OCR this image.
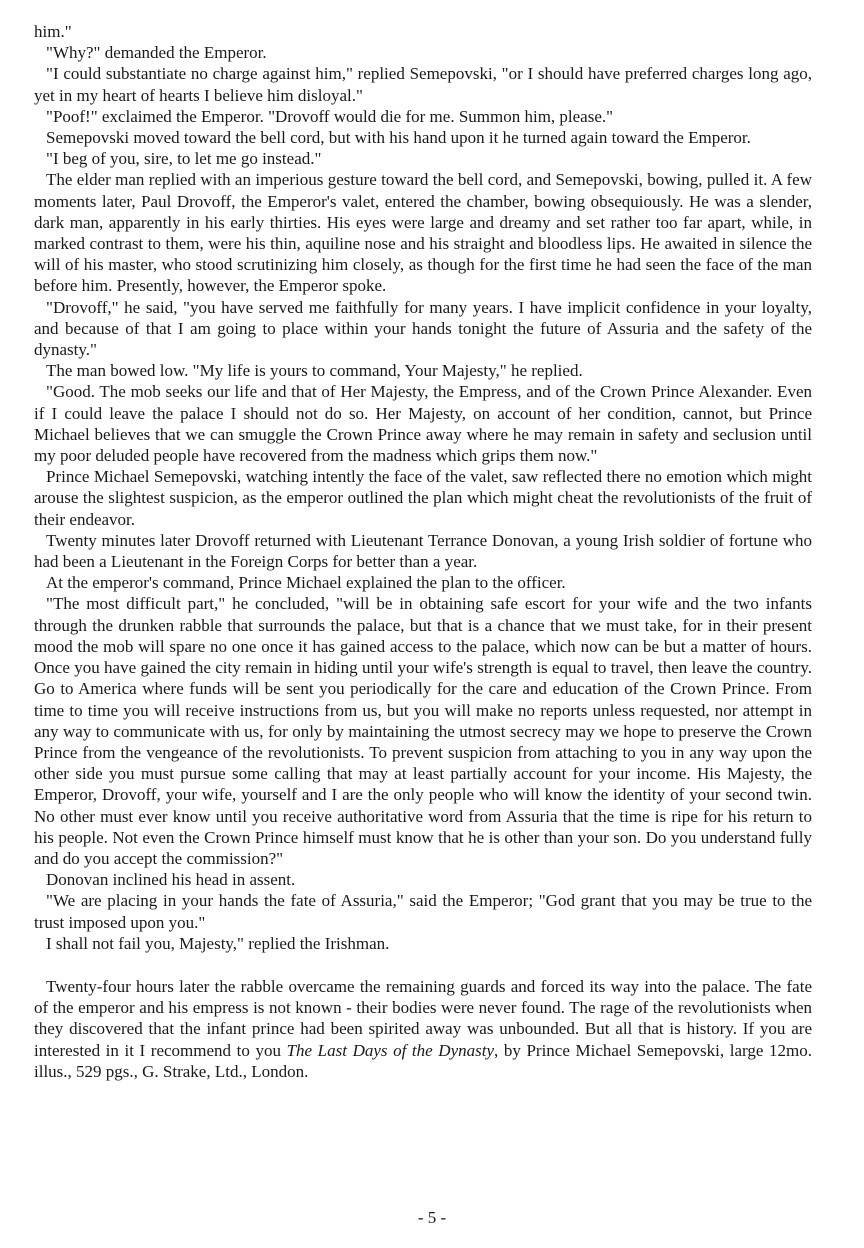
him."

"Why?" demanded the Emperor.

"I could substantiate no charge against him," replied Semepovski, "or I should have preferred charges long ago, yet in my heart of hearts I believe him disloyal."

"Poof!" exclaimed the Emperor. "Drovoff would die for me. Summon him, please."

Semepovski moved toward the bell cord, but with his hand upon it he turned again toward the Emperor.

"I beg of you, sire, to let me go instead."

The elder man replied with an imperious gesture toward the bell cord, and Semepovski, bowing, pulled it. A few moments later, Paul Drovoff, the Emperor's valet, entered the chamber, bowing obsequiously. He was a slender, dark man, apparently in his early thirties. His eyes were large and dreamy and set rather too far apart, while, in marked contrast to them, were his thin, aquiline nose and his straight and bloodless lips. He awaited in silence the will of his master, who stood scrutinizing him closely, as though for the first time he had seen the face of the man before him. Presently, however, the Emperor spoke.

"Drovoff," he said, "you have served me faithfully for many years. I have implicit confidence in your loyalty, and because of that I am going to place within your hands tonight the future of Assuria and the safety of the dynasty."

The man bowed low. "My life is yours to command, Your Majesty," he replied.

"Good. The mob seeks our life and that of Her Majesty, the Empress, and of the Crown Prince Alexander. Even if I could leave the palace I should not do so. Her Majesty, on account of her condition, cannot, but Prince Michael believes that we can smuggle the Crown Prince away where he may remain in safety and seclusion until my poor deluded people have recovered from the madness which grips them now."

Prince Michael Semepovski, watching intently the face of the valet, saw reflected there no emotion which might arouse the slightest suspicion, as the emperor outlined the plan which might cheat the revolutionists of the fruit of their endeavor.

Twenty minutes later Drovoff returned with Lieutenant Terrance Donovan, a young Irish soldier of fortune who had been a Lieutenant in the Foreign Corps for better than a year.

At the emperor's command, Prince Michael explained the plan to the officer.

"The most difficult part," he concluded, "will be in obtaining safe escort for your wife and the two infants through the drunken rabble that surrounds the palace, but that is a chance that we must take, for in their present mood the mob will spare no one once it has gained access to the palace, which now can be but a matter of hours. Once you have gained the city remain in hiding until your wife's strength is equal to travel, then leave the country. Go to America where funds will be sent you periodically for the care and education of the Crown Prince. From time to time you will receive instructions from us, but you will make no reports unless requested, nor attempt in any way to communicate with us, for only by maintaining the utmost secrecy may we hope to preserve the Crown Prince from the vengeance of the revolutionists. To prevent suspicion from attaching to you in any way upon the other side you must pursue some calling that may at least partially account for your income. His Majesty, the Emperor, Drovoff, your wife, yourself and I are the only people who will know the identity of your second twin. No other must ever know until you receive authoritative word from Assuria that the time is ripe for his return to his people. Not even the Crown Prince himself must know that he is other than your son. Do you understand fully and do you accept the commission?"

Donovan inclined his head in assent.

"We are placing in your hands the fate of Assuria," said the Emperor; "God grant that you may be true to the trust imposed upon you."

I shall not fail you, Majesty," replied the Irishman.

Twenty-four hours later the rabble overcame the remaining guards and forced its way into the palace. The fate of the emperor and his empress is not known - their bodies were never found. The rage of the revolutionists when they discovered that the infant prince had been spirited away was unbounded. But all that is history. If you are interested in it I recommend to you The Last Days of the Dynasty, by Prince Michael Semepovski, large 12mo. illus., 529 pgs., G. Strake, Ltd., London.

- 5 -
